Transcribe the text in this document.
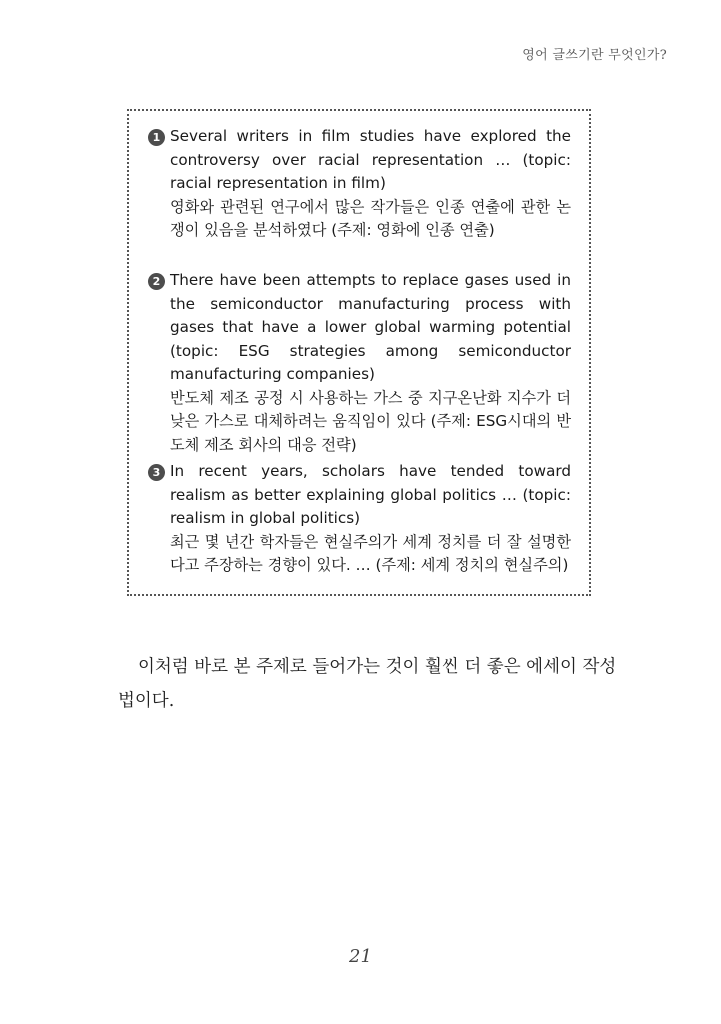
영어 글쓰기란 무엇인가?
1 Several writers in film studies have explored the controversy over racial representation … (topic: racial representation in film)

영화와 관련된 연구에서 많은 작가들은 인종 연출에 관한 논쟁이 있음을 분석하였다 (주제: 영화에 인종 연출)

2 There have been attempts to replace gases used in the semiconductor manufacturing process with gases that have a lower global warming potential (topic: ESG strategies among semiconductor manufacturing companies)

반도체 제조 공정 시 사용하는 가스 중 지구온난화 지수가 더 낮은 가스로 대체하려는 움직임이 있다 (주제: ESG시대의 반도체 제조 회사의 대응 전략)

3 In recent years, scholars have tended toward realism as better explaining global politics … (topic: realism in global politics)

최근 몇 년간 학자들은 현실주의가 세계 정치를 더 잘 설명한다고 주장하는 경향이 있다. … (주제: 세계 정치의 현실주의)

이처럼 바로 본 주제로 들어가는 것이 훨씬 더 좋은 에세이 작성법이다.

21
